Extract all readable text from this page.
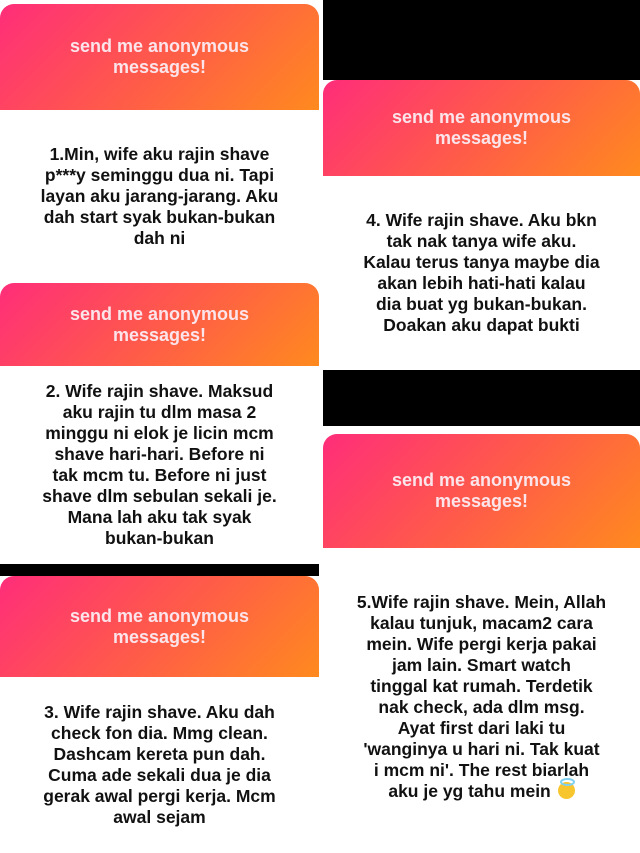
send me anonymous
messages!

1.Min, wife aku rajin shave
p***y seminggu dua ni. Tapi
layan aku jarang-jarang. Aku
dah start syak bukan-bukan
dah ni

send me anonymous
messages!

2. Wife rajin shave. Maksud
aku rajin tu dlm masa 2
minggu ni elok je licin mcm
shave hari-hari. Before ni
tak mcm tu. Before ni just
shave dlm sebulan sekali je.
Mana lah aku tak syak
bukan-bukan

send me anonymous
messages!

3. Wife rajin shave. Aku dah
check fon dia. Mmg clean.
Dashcam kereta pun dah.
Cuma ade sekali dua je dia
gerak awal pergi kerja. Mcm
awal sejam

send me anonymous
messages!

4. Wife rajin shave. Aku bkn
tak nak tanya wife aku.
Kalau terus tanya maybe dia
akan lebih hati-hati kalau
dia buat yg bukan-bukan.
Doakan aku dapat bukti

send me anonymous
messages!

5.Wife rajin shave. Mein, Allah
kalau tunjuk, macam2 cara
mein. Wife pergi kerja pakai
jam lain. Smart watch
tinggal kat rumah. Terdetik
nak check, ada dlm msg.
Ayat first dari laki tu
'wanginya u hari ni. Tak kuat
i mcm ni'. The rest biarlah
aku je yg tahu mein
